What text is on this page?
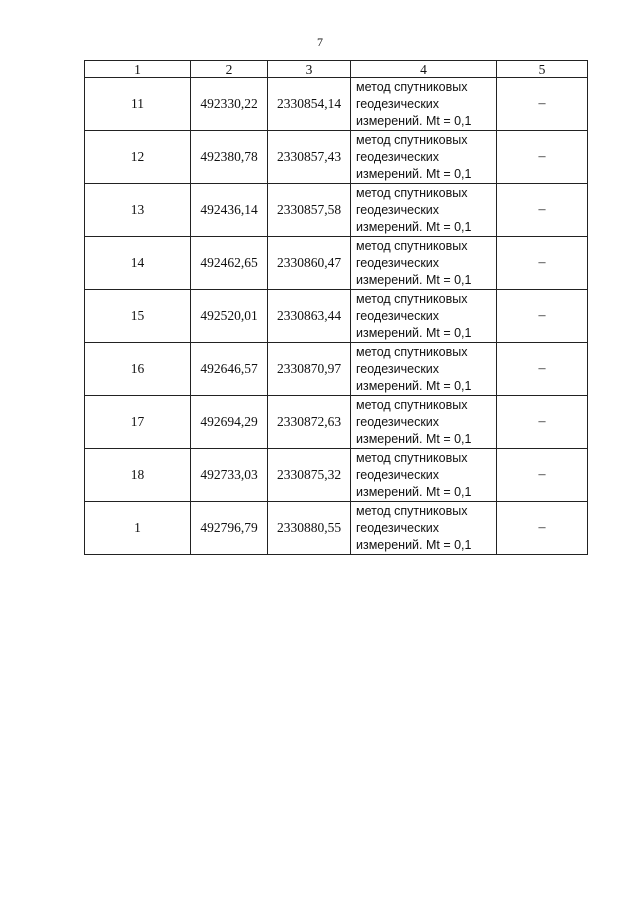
7
1	2	3	4	5
11	492330,22	2330854,14	метод спутниковых
геодезических
измерений. Mt = 0,1	–
12	492380,78	2330857,43	метод спутниковых
геодезических
измерений. Mt = 0,1	–
13	492436,14	2330857,58	метод спутниковых
геодезических
измерений. Mt = 0,1	–
14	492462,65	2330860,47	метод спутниковых
геодезических
измерений. Mt = 0,1	–
15	492520,01	2330863,44	метод спутниковых
геодезических
измерений. Mt = 0,1	–
16	492646,57	2330870,97	метод спутниковых
геодезических
измерений. Mt = 0,1	–
17	492694,29	2330872,63	метод спутниковых
геодезических
измерений. Mt = 0,1	–
18	492733,03	2330875,32	метод спутниковых
геодезических
измерений. Mt = 0,1	–
1	492796,79	2330880,55	метод спутниковых
геодезических
измерений. Mt = 0,1	–
